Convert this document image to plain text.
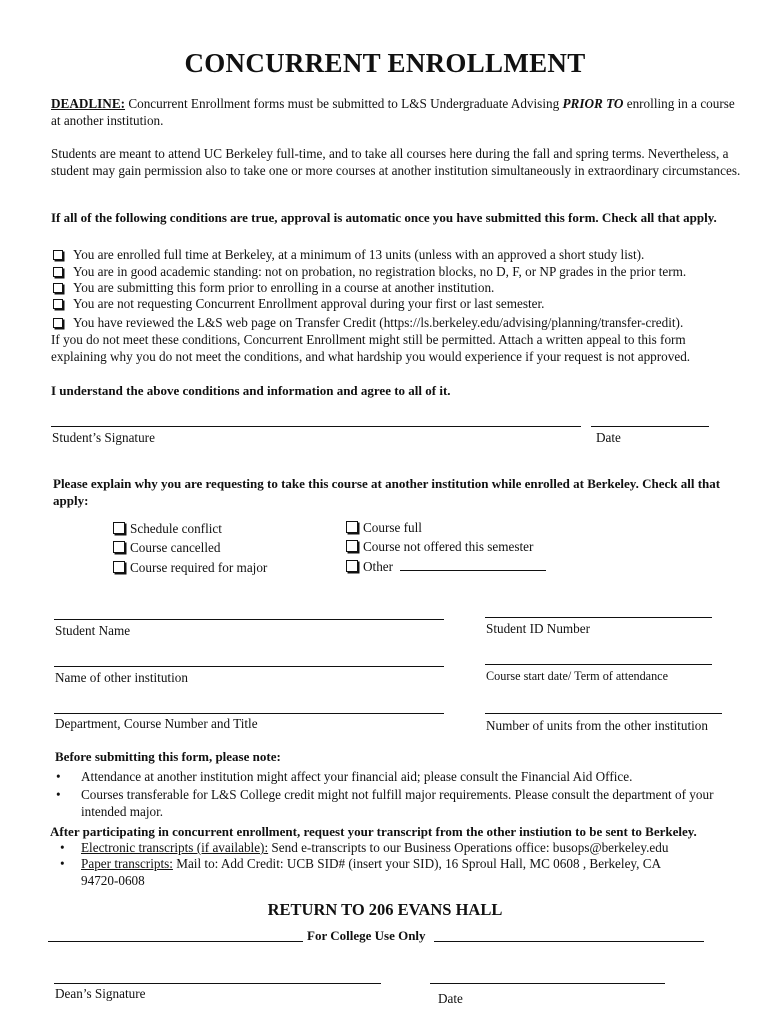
CONCURRENT ENROLLMENT
DEADLINE: Concurrent Enrollment forms must be submitted to L&S Undergraduate Advising PRIOR TO enrolling in a course at another institution.
Students are meant to attend UC Berkeley full-time, and to take all courses here during the fall and spring terms. Nevertheless, a student may gain permission also to take one or more courses at another institution simultaneously in extraordinary circumstances.
If all of the following conditions are true, approval is automatic once you have submitted this form. Check all that apply.
You are enrolled full time at Berkeley, at a minimum of 13 units (unless with an approved a short study list).
You are in good academic standing: not on probation, no registration blocks, no D, F, or NP grades in the prior term.
You are submitting this form prior to enrolling in a course at another institution.
You are not requesting Concurrent Enrollment approval during your first or last semester.
You have reviewed the L&S web page on Transfer Credit (https://ls.berkeley.edu/advising/planning/transfer-credit).
If you do not meet these conditions, Concurrent Enrollment might still be permitted. Attach a written appeal to this form explaining why you do not meet the conditions, and what hardship you would experience if your request is not approved.
I understand the above conditions and information and agree to all of it.
Student’s Signature	Date
Please explain why you are requesting to take this course at another institution while enrolled at Berkeley. Check all that apply:
Schedule conflict
Course cancelled
Course required for major
Course full
Course not offered this semester
Other
Student Name	Student ID Number
Name of other institution	Course start date/ Term of attendance
Department, Course Number and Title	Number of units from the other institution
Before submitting this form, please note:
• Attendance at another institution might affect your financial aid; please consult the Financial Aid Office.
• Courses transferable for L&S College credit might not fulfill major requirements. Please consult the department of your intended major.
After participating in concurrent enrollment, request your transcript from the other instiution to be sent to Berkeley.
• Electronic transcripts (if available): Send e-transcripts to our Business Operations office: busops@berkeley.edu
• Paper transcripts: Mail to: Add Credit: UCB SID# (insert your SID), 16 Sproul Hall, MC 0608 , Berkeley, CA 94720-0608
RETURN TO 206 EVANS HALL
For College Use Only
Dean’s Signature	Date
